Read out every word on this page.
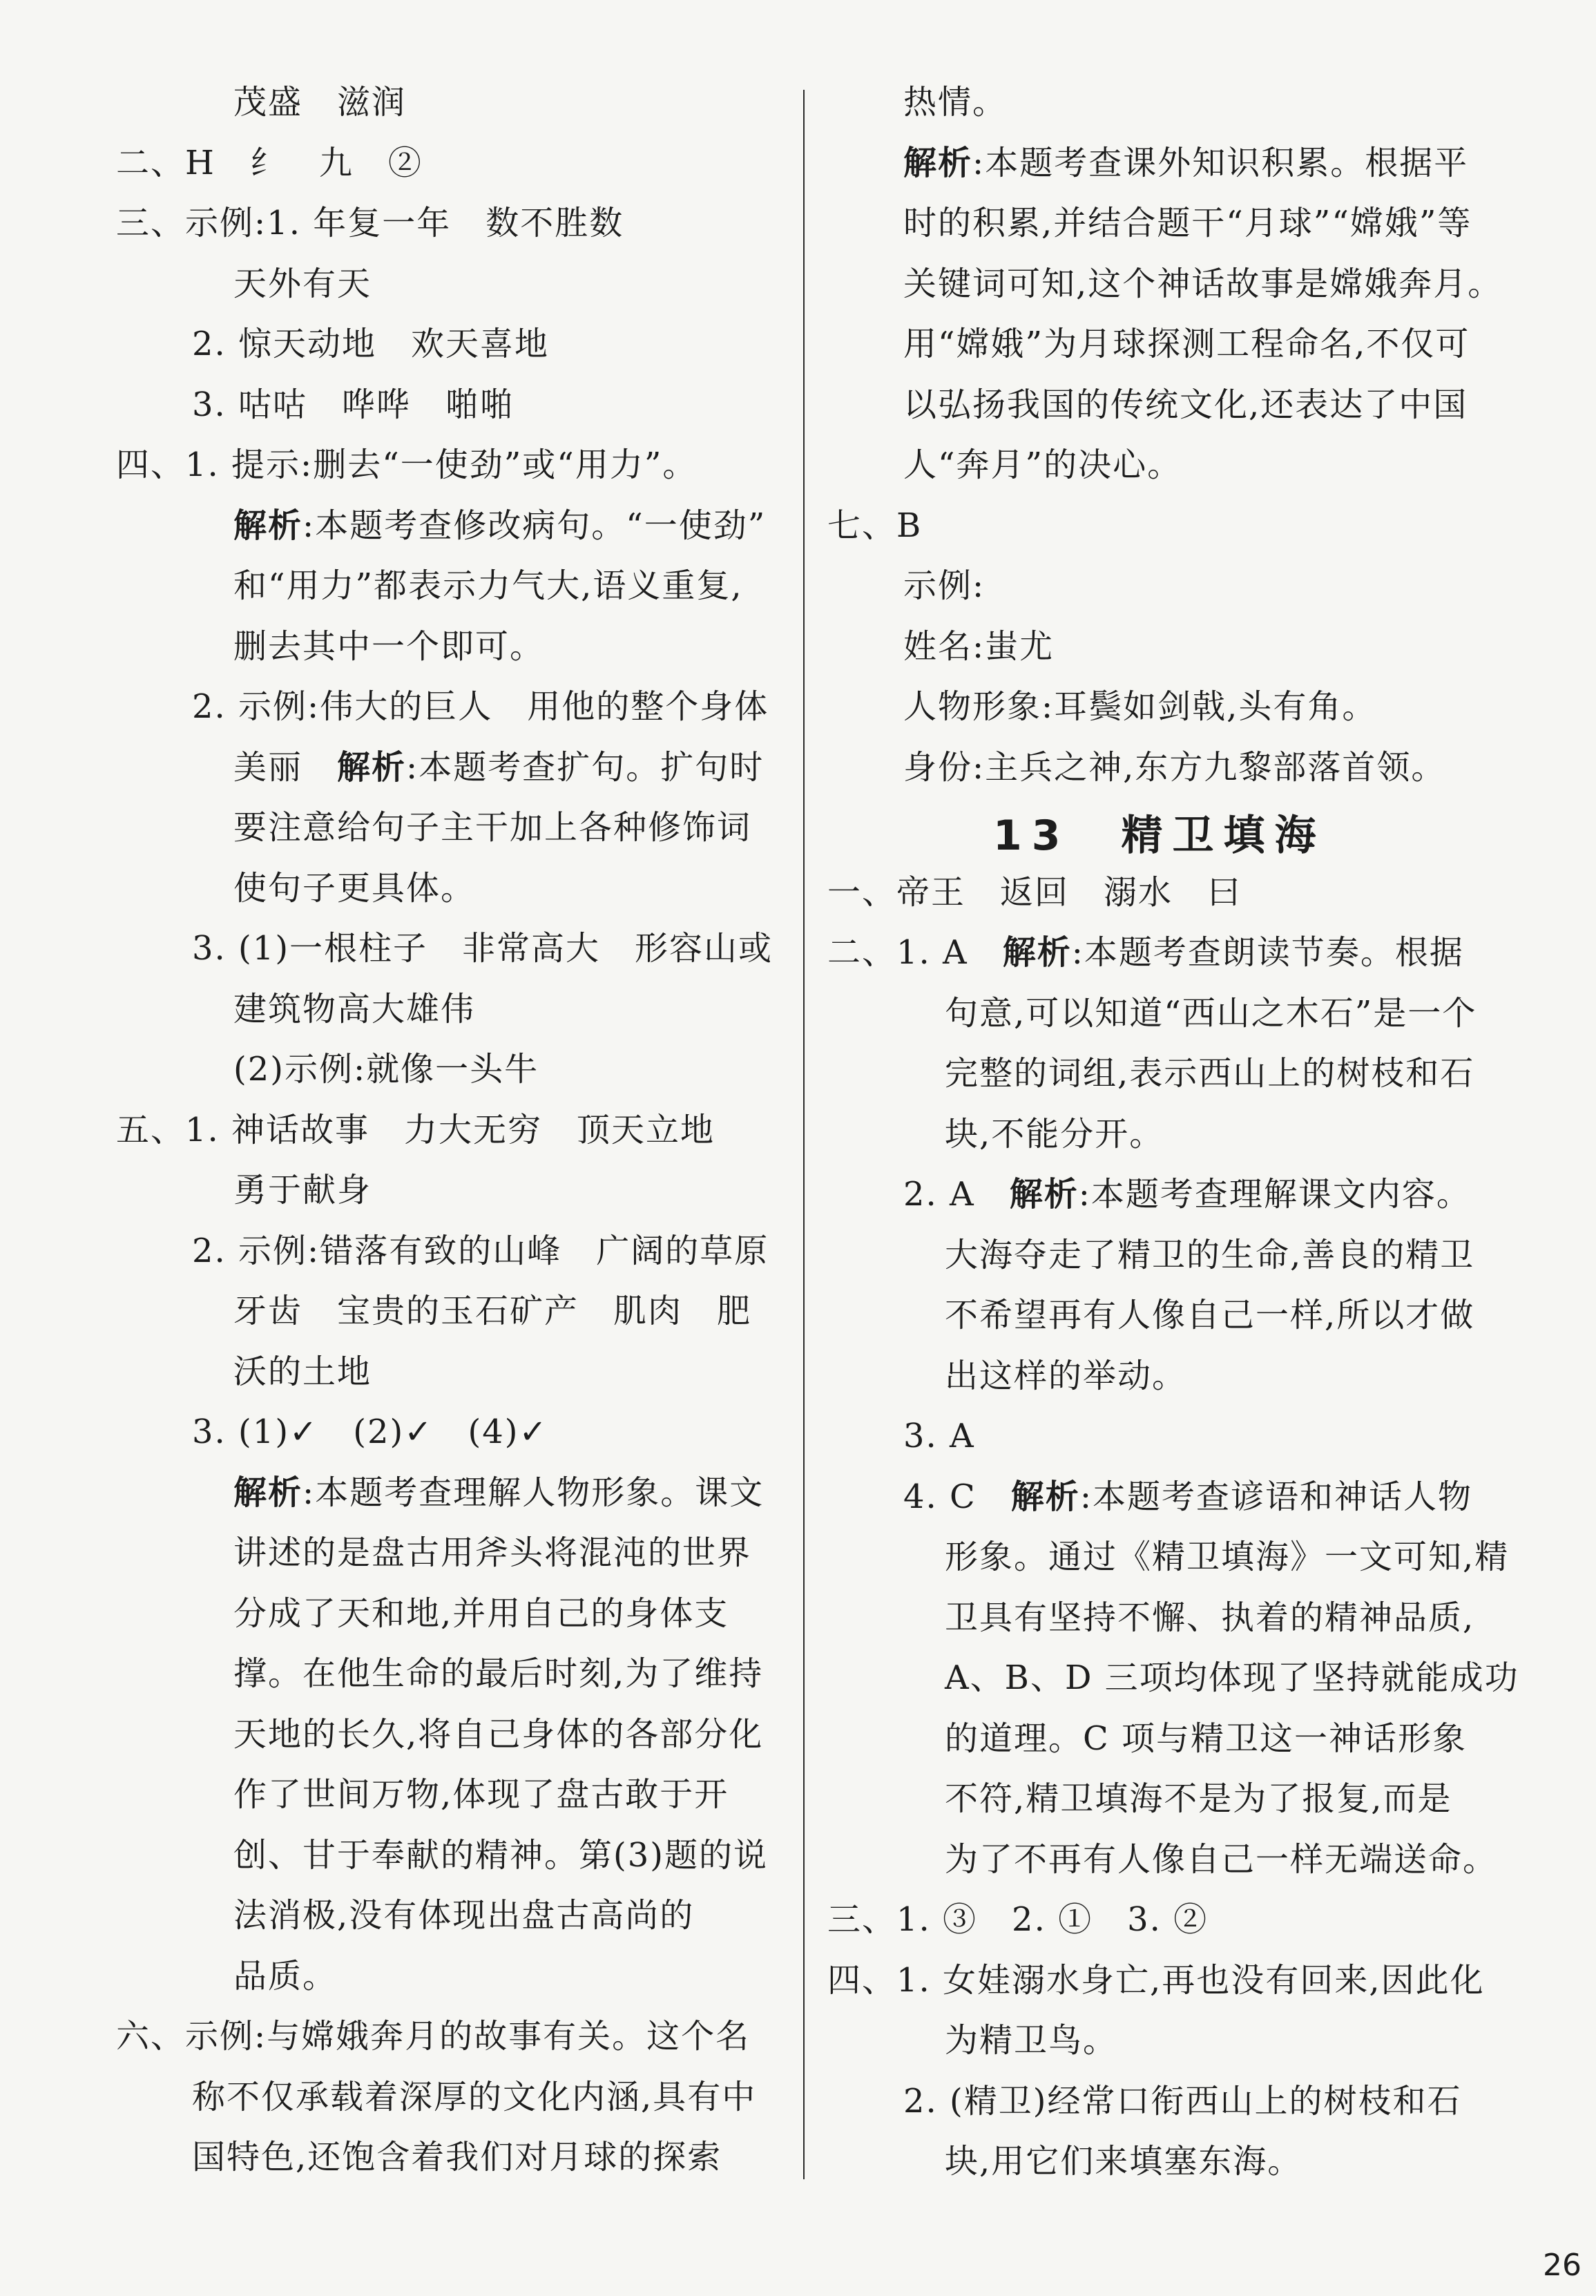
茂盛　滋润
二、H　纟　九　②
三、示例:1. 年复一年　数不胜数
天外有天
2. 惊天动地　欢天喜地
3. 咕咕　哗哗　啪啪
四、1. 提示:删去“一使劲”或“用力”。
解析:本题考查修改病句。“一使劲”
和“用力”都表示力气大,语义重复,
删去其中一个即可。
2. 示例:伟大的巨人　用他的整个身体
美丽　解析:本题考查扩句。扩句时
要注意给句子主干加上各种修饰词
使句子更具体。
3. (1)一根柱子　非常高大　形容山或
建筑物高大雄伟
(2)示例:就像一头牛
五、1. 神话故事　力大无穷　顶天立地
勇于献身
2. 示例:错落有致的山峰　广阔的草原
牙齿　宝贵的玉石矿产　肌肉　肥
沃的土地
3. (1)✓　(2)✓　(4)✓
解析:本题考查理解人物形象。课文
讲述的是盘古用斧头将混沌的世界
分成了天和地,并用自己的身体支
撑。在他生命的最后时刻,为了维持
天地的长久,将自己身体的各部分化
作了世间万物,体现了盘古敢于开
创、甘于奉献的精神。第(3)题的说
法消极,没有体现出盘古高尚的
品质。
六、示例:与嫦娥奔月的故事有关。这个名
称不仅承载着深厚的文化内涵,具有中
国特色,还饱含着我们对月球的探索
热情。
解析:本题考查课外知识积累。根据平
时的积累,并结合题干“月球”“嫦娥”等
关键词可知,这个神话故事是嫦娥奔月。
用“嫦娥”为月球探测工程命名,不仅可
以弘扬我国的传统文化,还表达了中国
人“奔月”的决心。
七、B
示例:
姓名:蚩尤
人物形象:耳鬓如剑戟,头有角。
身份:主兵之神,东方九黎部落首领。
13　精卫填海
一、帝王　返回　溺水　曰
二、1. A　解析:本题考查朗读节奏。根据
句意,可以知道“西山之木石”是一个
完整的词组,表示西山上的树枝和石
块,不能分开。
2. A　解析:本题考查理解课文内容。
大海夺走了精卫的生命,善良的精卫
不希望再有人像自己一样,所以才做
出这样的举动。
3. A
4. C　解析:本题考查谚语和神话人物
形象。通过《精卫填海》一文可知,精
卫具有坚持不懈、执着的精神品质,
A、B、D 三项均体现了坚持就能成功
的道理。C 项与精卫这一神话形象
不符,精卫填海不是为了报复,而是
为了不再有人像自己一样无端送命。
三、1. ③　2. ①　3. ②
四、1. 女娃溺水身亡,再也没有回来,因此化
为精卫鸟。
2. (精卫)经常口衔西山上的树枝和石
块,用它们来填塞东海。
26
